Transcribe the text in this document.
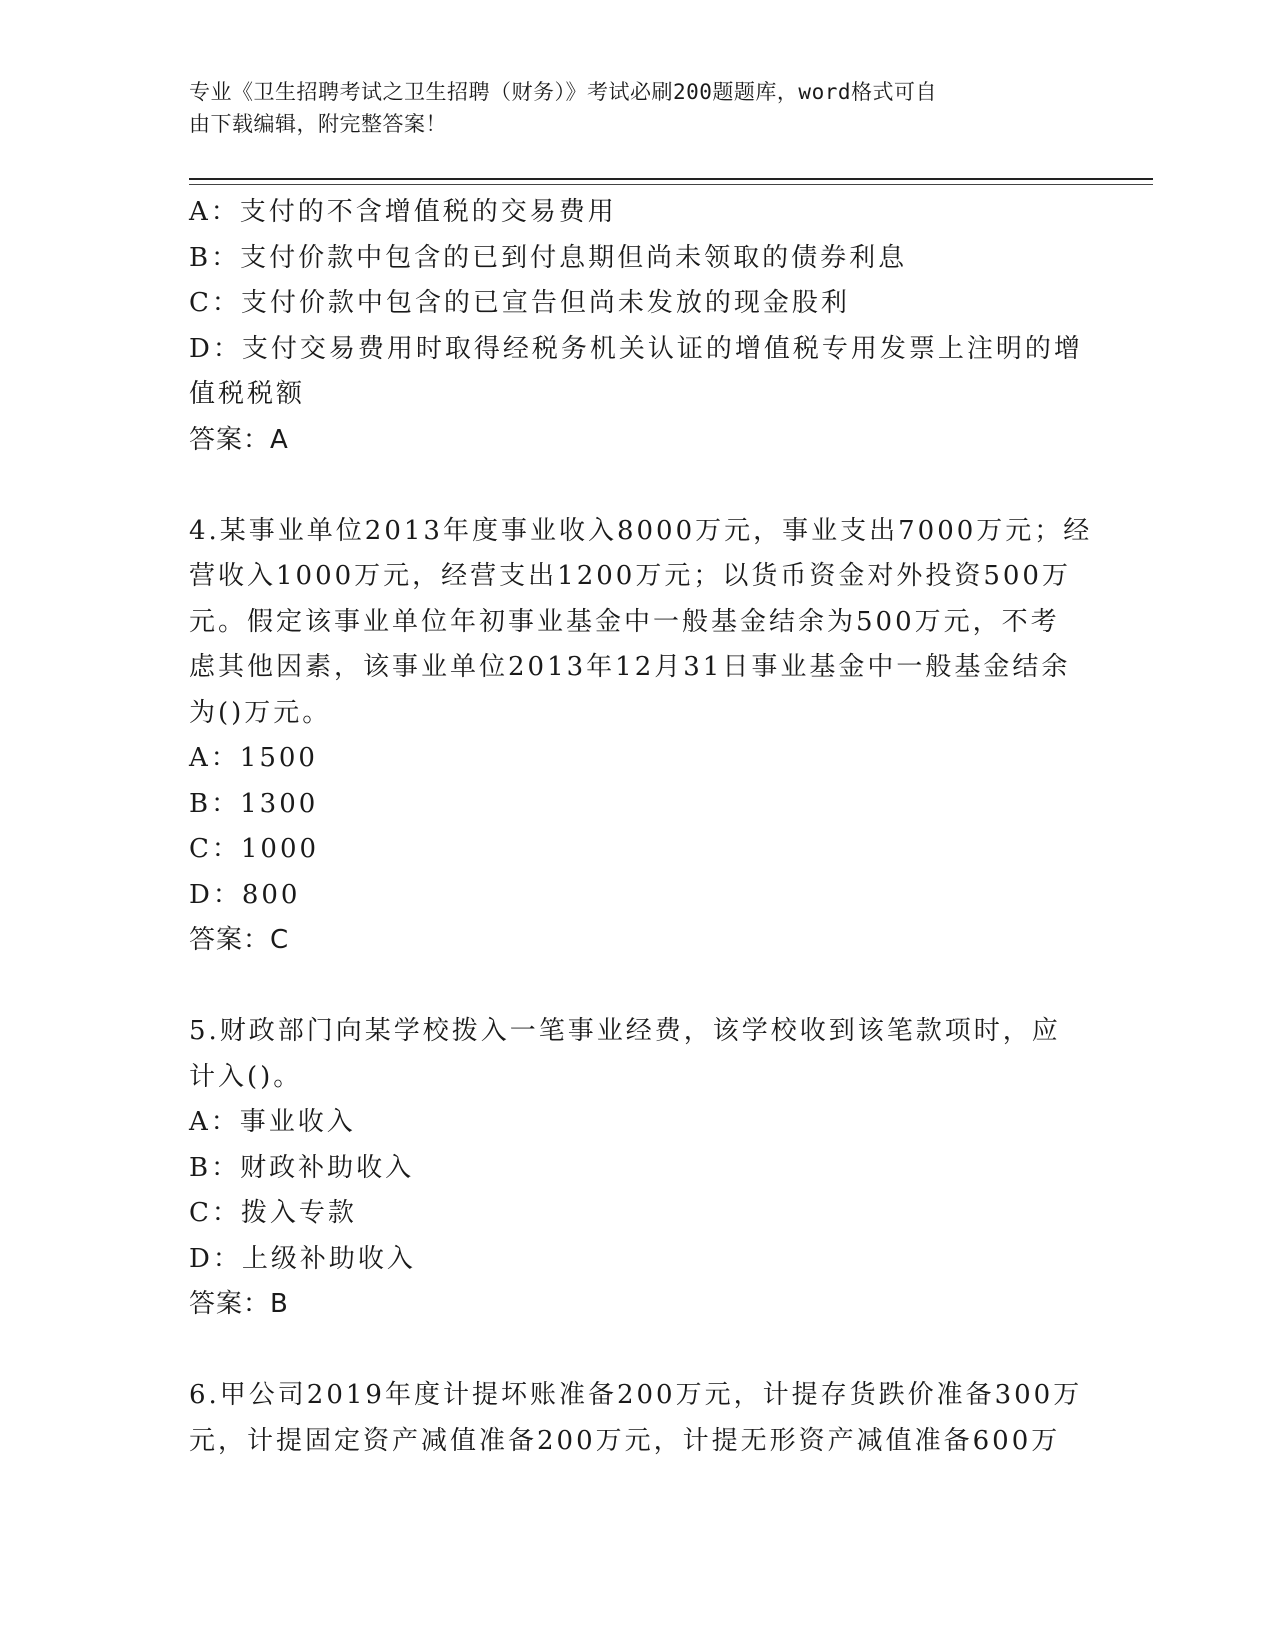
专业《卫生招聘考试之卫生招聘（财务）》考试必刷200题题库，word格式可自
由下载编辑，附完整答案！
A：支付的不含增值税的交易费用
B：支付价款中包含的已到付息期但尚未领取的债券利息
C：支付价款中包含的已宣告但尚未发放的现金股利
D：支付交易费用时取得经税务机关认证的增值税专用发票上注明的增
值税税额
答案：A
4.某事业单位2013年度事业收入8000万元，事业支出7000万元；经
营收入1000万元，经营支出1200万元；以货币资金对外投资500万
元。假定该事业单位年初事业基金中一般基金结余为500万元，不考
虑其他因素，该事业单位2013年12月31日事业基金中一般基金结余
为()万元。
A：1500
B：1300
C：1000
D：800
答案：C
5.财政部门向某学校拨入一笔事业经费，该学校收到该笔款项时，应
计入()。
A：事业收入
B：财政补助收入
C：拨入专款
D：上级补助收入
答案：B
6.甲公司2019年度计提坏账准备200万元，计提存货跌价准备300万
元，计提固定资产减值准备200万元，计提无形资产减值准备600万
